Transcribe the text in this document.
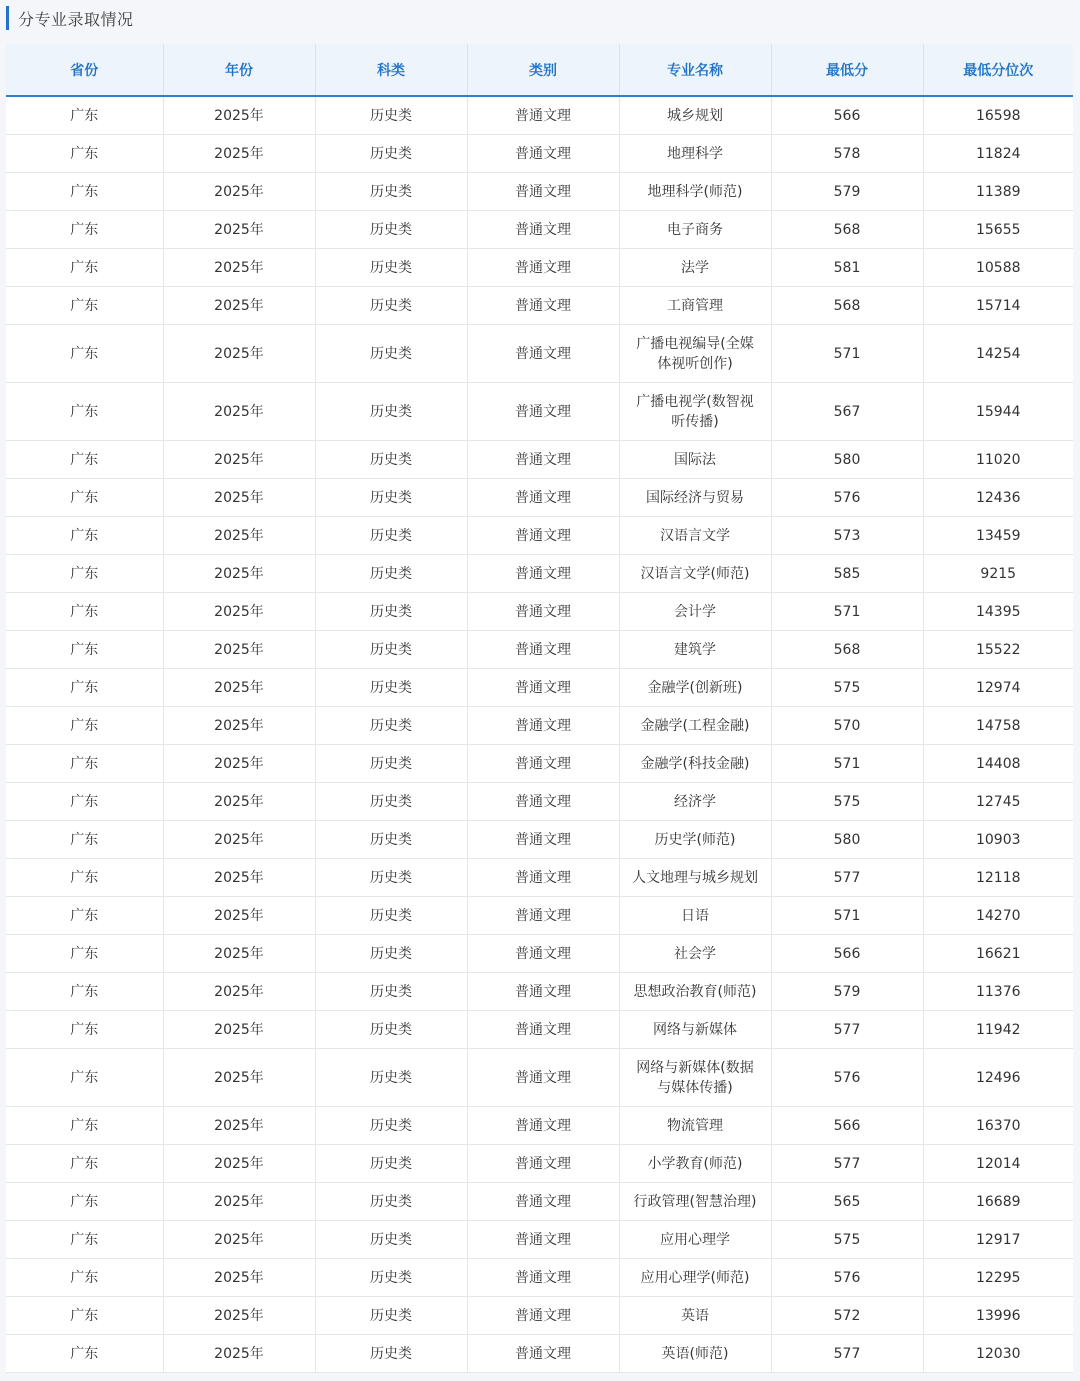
分专业录取情况
省份	年份	科类	类别	专业名称	最低分	最低分位次
广东	2025年	历史类	普通文理	城乡规划	566	16598
广东	2025年	历史类	普通文理	地理科学	578	11824
广东	2025年	历史类	普通文理	地理科学(师范)	579	11389
广东	2025年	历史类	普通文理	电子商务	568	15655
广东	2025年	历史类	普通文理	法学	581	10588
广东	2025年	历史类	普通文理	工商管理	568	15714
广东	2025年	历史类	普通文理	广播电视编导(全媒体视听创作)	571	14254
广东	2025年	历史类	普通文理	广播电视学(数智视听传播)	567	15944
广东	2025年	历史类	普通文理	国际法	580	11020
广东	2025年	历史类	普通文理	国际经济与贸易	576	12436
广东	2025年	历史类	普通文理	汉语言文学	573	13459
广东	2025年	历史类	普通文理	汉语言文学(师范)	585	9215
广东	2025年	历史类	普通文理	会计学	571	14395
广东	2025年	历史类	普通文理	建筑学	568	15522
广东	2025年	历史类	普通文理	金融学(创新班)	575	12974
广东	2025年	历史类	普通文理	金融学(工程金融)	570	14758
广东	2025年	历史类	普通文理	金融学(科技金融)	571	14408
广东	2025年	历史类	普通文理	经济学	575	12745
广东	2025年	历史类	普通文理	历史学(师范)	580	10903
广东	2025年	历史类	普通文理	人文地理与城乡规划	577	12118
广东	2025年	历史类	普通文理	日语	571	14270
广东	2025年	历史类	普通文理	社会学	566	16621
广东	2025年	历史类	普通文理	思想政治教育(师范)	579	11376
广东	2025年	历史类	普通文理	网络与新媒体	577	11942
广东	2025年	历史类	普通文理	网络与新媒体(数据与媒体传播)	576	12496
广东	2025年	历史类	普通文理	物流管理	566	16370
广东	2025年	历史类	普通文理	小学教育(师范)	577	12014
广东	2025年	历史类	普通文理	行政管理(智慧治理)	565	16689
广东	2025年	历史类	普通文理	应用心理学	575	12917
广东	2025年	历史类	普通文理	应用心理学(师范)	576	12295
广东	2025年	历史类	普通文理	英语	572	13996
广东	2025年	历史类	普通文理	英语(师范)	577	12030
